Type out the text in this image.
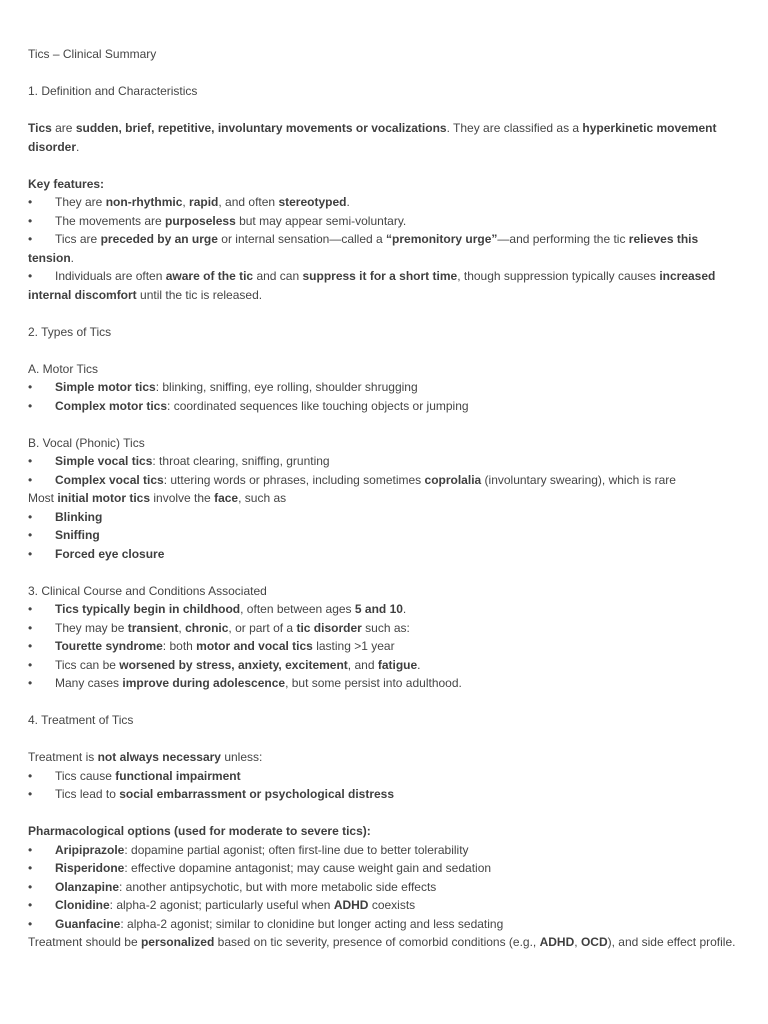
Tics – Clinical Summary
1. Definition and Characteristics
Tics are sudden, brief, repetitive, involuntary movements or vocalizations. They are classified as a hyperkinetic movement disorder.
Key features:
• They are non-rhythmic, rapid, and often stereotyped.
• The movements are purposeless but may appear semi-voluntary.
• Tics are preceded by an urge or internal sensation—called a “premonitory urge”—and performing the tic relieves this tension.
• Individuals are often aware of the tic and can suppress it for a short time, though suppression typically causes increased internal discomfort until the tic is released.
2. Types of Tics
A. Motor Tics
• Simple motor tics: blinking, sniffing, eye rolling, shoulder shrugging
• Complex motor tics: coordinated sequences like touching objects or jumping
B. Vocal (Phonic) Tics
• Simple vocal tics: throat clearing, sniffing, grunting
• Complex vocal tics: uttering words or phrases, including sometimes coprolalia (involuntary swearing), which is rare
Most initial motor tics involve the face, such as
• Blinking
• Sniffing
• Forced eye closure
3. Clinical Course and Conditions Associated
• Tics typically begin in childhood, often between ages 5 and 10.
• They may be transient, chronic, or part of a tic disorder such as:
• Tourette syndrome: both motor and vocal tics lasting >1 year
• Tics can be worsened by stress, anxiety, excitement, and fatigue.
• Many cases improve during adolescence, but some persist into adulthood.
4. Treatment of Tics
Treatment is not always necessary unless:
• Tics cause functional impairment
• Tics lead to social embarrassment or psychological distress
Pharmacological options (used for moderate to severe tics):
• Aripiprazole: dopamine partial agonist; often first-line due to better tolerability
• Risperidone: effective dopamine antagonist; may cause weight gain and sedation
• Olanzapine: another antipsychotic, but with more metabolic side effects
• Clonidine: alpha-2 agonist; particularly useful when ADHD coexists
• Guanfacine: alpha-2 agonist; similar to clonidine but longer acting and less sedating
Treatment should be personalized based on tic severity, presence of comorbid conditions (e.g., ADHD, OCD), and side effect profile.
